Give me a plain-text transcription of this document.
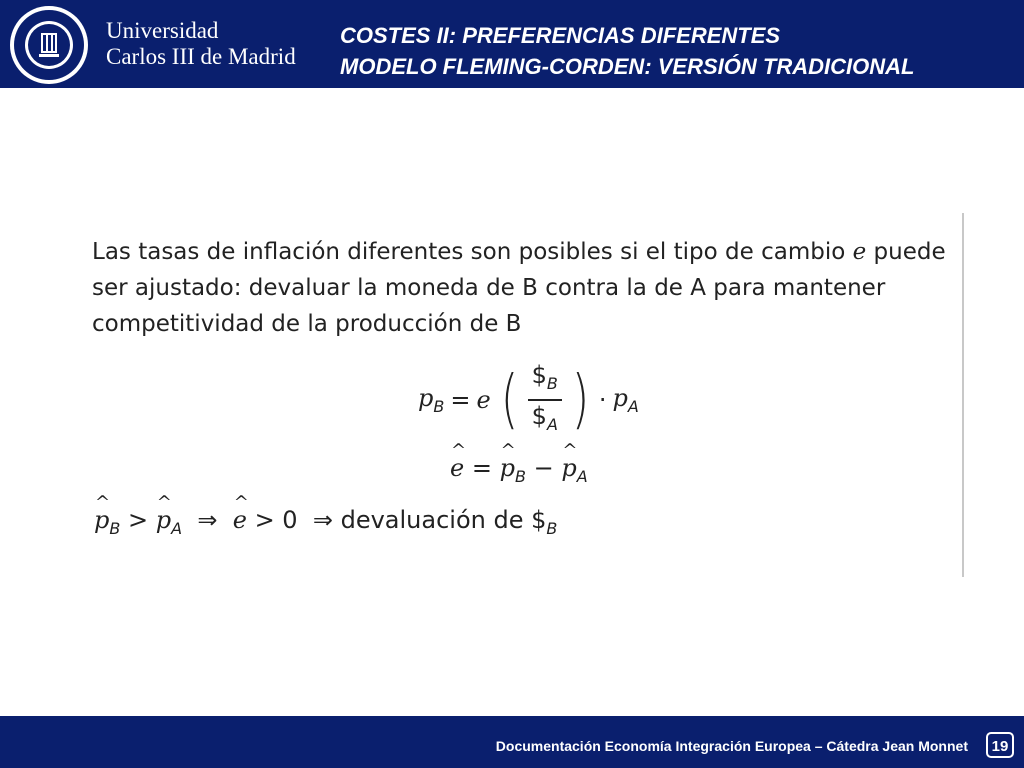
Universidad
Carlos III de Madrid
COSTES II: PREFERENCIAS DIFERENTES
MODELO FLEMING-CORDEN: VERSIÓN TRADICIONAL
Las tasas de inflación diferentes son posibles si el tipo de cambio e puede ser ajustado: devaluar la moneda de B contra la de A para mantener competitividad de la producción de B
$p_B = e$ ( $\frac{\$_B}{\$_A}$ ) · $p_A$
^ e = ^ $p_B$ − ^ $p_A$
^ $p_B$ > ^ $p_A$ ⇒ ^ e > 0 ⇒ devaluación de $\$_B$
Documentación Economía Integración Europea – Cátedra Jean Monnet	19
